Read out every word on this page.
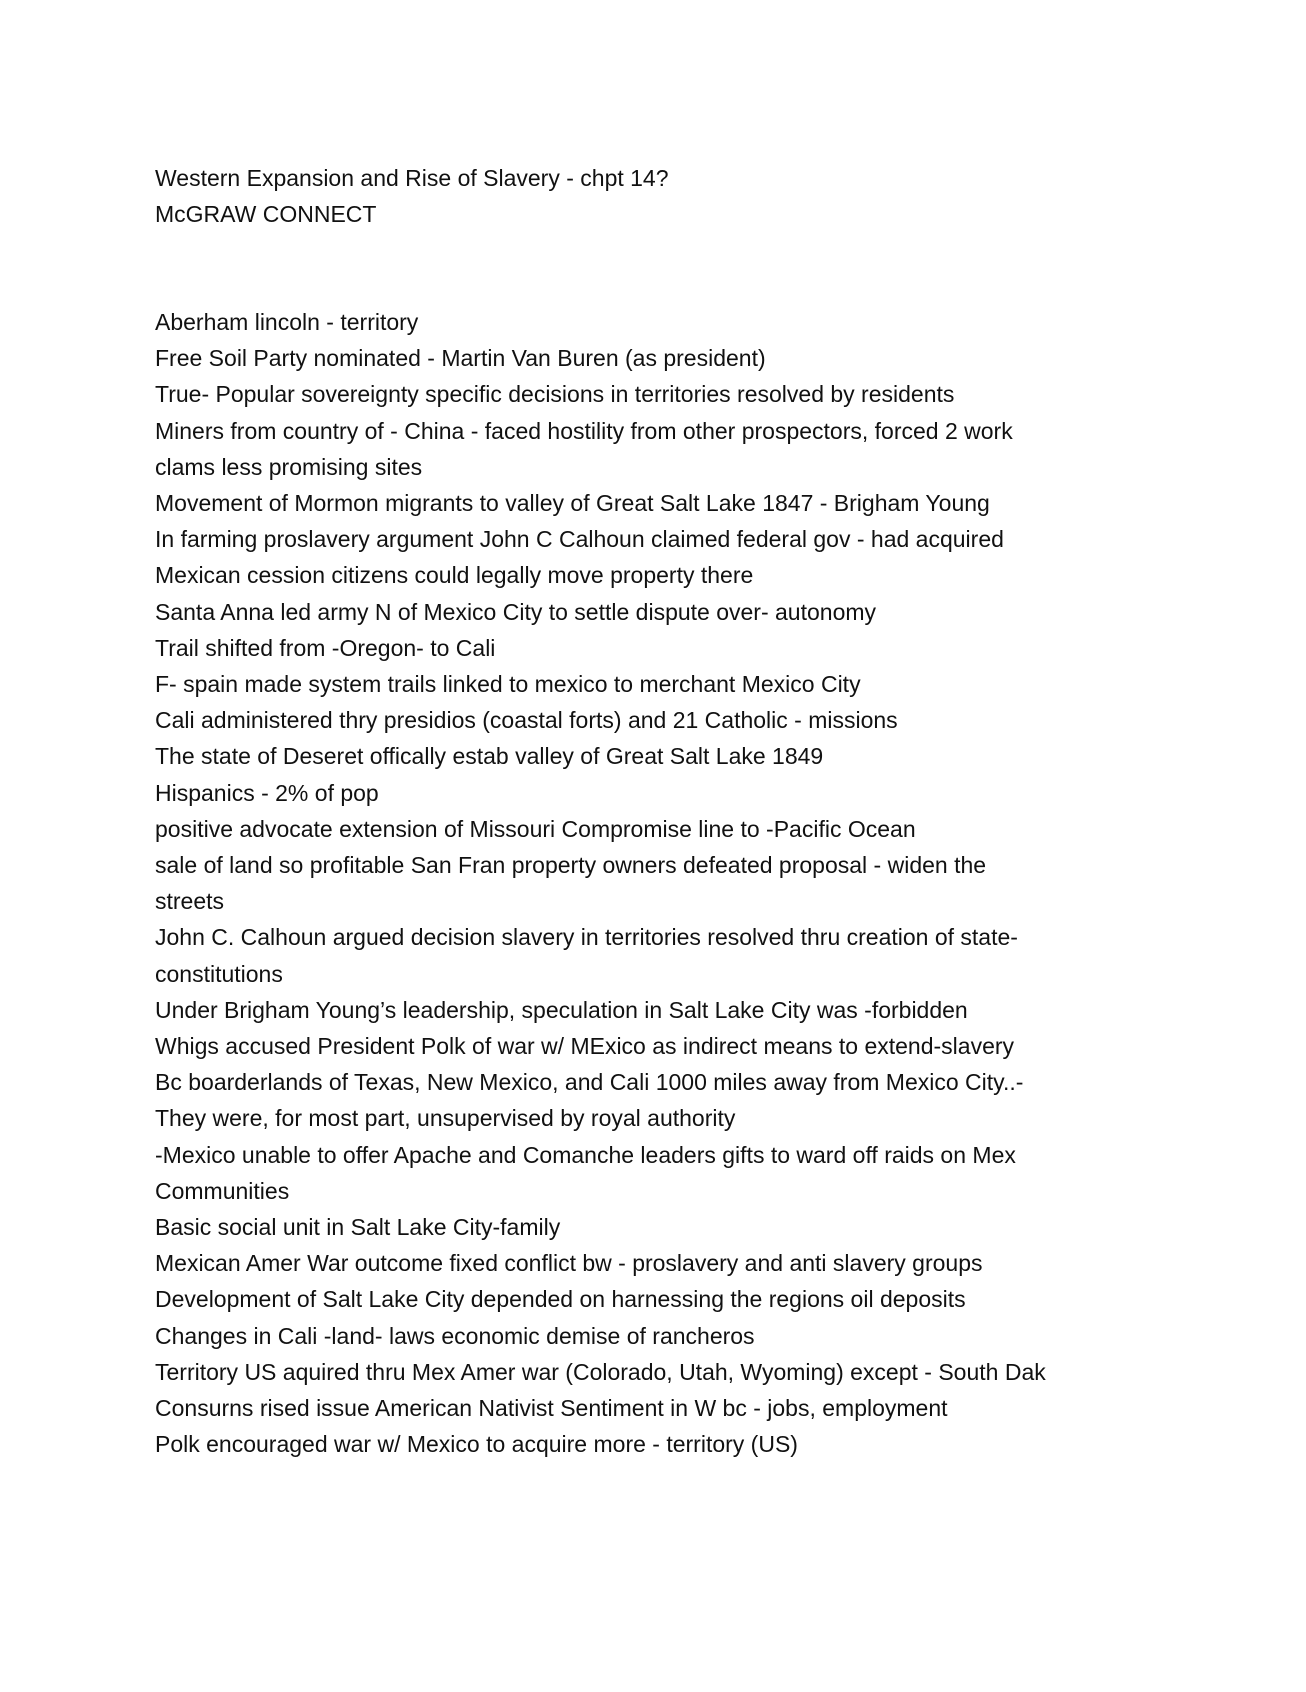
Western Expansion and Rise of Slavery - chpt 14?
McGRAW CONNECT
Aberham lincoln - territory
Free Soil Party nominated - Martin Van Buren (as president)
True- Popular sovereignty specific decisions in territories resolved by residents
Miners from country of - China - faced hostility from other prospectors, forced 2 work
clams less promising sites
Movement of Mormon migrants to valley of Great Salt Lake 1847 - Brigham Young
In farming proslavery argument John C Calhoun claimed federal gov - had acquired
Mexican cession citizens could legally move property there
Santa Anna led army N of Mexico City to settle dispute over- autonomy
Trail shifted from -Oregon- to Cali
F- spain made system trails linked to mexico to merchant Mexico City
Cali administered thry presidios (coastal forts) and 21 Catholic - missions
The state of Deseret offically estab valley of Great Salt Lake 1849
Hispanics - 2% of pop
positive advocate extension of Missouri Compromise line to -Pacific Ocean
sale of land so profitable San Fran property owners defeated proposal - widen the
streets
John C. Calhoun argued decision slavery in territories resolved thru creation of state-
constitutions
Under Brigham Young’s leadership, speculation in Salt Lake City was -forbidden
Whigs accused President Polk of war w/ MExico as indirect means to extend-slavery
Bc boarderlands of Texas, New Mexico, and Cali 1000 miles away from Mexico City..-
They were, for most part, unsupervised by royal authority
-Mexico unable to offer Apache and Comanche leaders gifts to ward off raids on Mex
Communities
Basic social unit in Salt Lake City-family
Mexican Amer War outcome fixed conflict bw - proslavery and anti slavery groups
Development of Salt Lake City depended on harnessing the regions oil deposits
Changes in Cali -land- laws economic demise of rancheros
Territory US aquired thru Mex Amer war (Colorado, Utah, Wyoming) except - South Dak
Consurns rised issue American Nativist Sentiment in W bc - jobs, employment
Polk encouraged war w/ Mexico to acquire more - territory (US)
